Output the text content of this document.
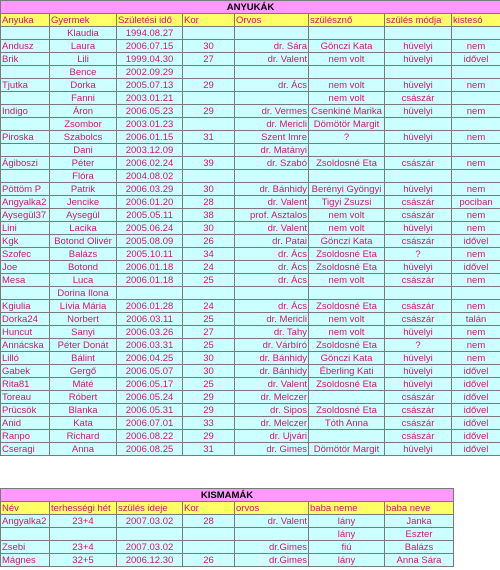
ANYUKÁK							
Anyuka	Gyermek	Születési idő	Kor	Orvos	szülésznő	szülés módja	kistesó
	Klaudia	1994.08.27					
Andusz	Laura	2006.07.15	30	dr. Sára	Gönczi Kata	hüvelyi	nem
Brik	Lili	1999.04.30	27	dr. Valent	nem volt	hüvelyi	idővel
	Bence	2002.09.29					
Tjutka	Dorka	2005.07.13	29	dr. Ács	nem volt	hüvelyi	nem
	Fanni	2003.01.21			nem volt	császár	
Indigo	Áron	2006.05.23	29	dr. Vermes	Csenkiné Marika	hüvelyi	nem
	Zsombor	2003.01.23		dr. Mericli	Dömötör Margit		
Piroska	Szabolcs	2006.01.15	31	Szent Imre	?	hüvelyi	nem
	Dani	2003.12.09		dr. Matányi			
Ágiboszi	Péter	2006.02.24	39	dr. Szabó	Zsoldosné Eta	császár	nem
	Flóra	2004.08.02					
Pöttöm P	Patrik	2006.03.29	30	dr. Bánhidy	Berényi Gyöngyi	hüvelyi	nem
Angyalka2	Jencike	2006.01.20	28	dr. Valent	Tigyi Zsuzsi	császár	pociban
Aysegül37	Aysegül	2005.05.11	38	prof. Asztalos	nem volt	császár	nem
Lini	Lacika	2005.06.24	30	dr. Valent	nem volt	hüvelyi	nem
Kgk	Botond Olivér	2005.08.09	26	dr. Patai	Gönczi Kata	császár	idővel
Szofec	Balázs	2005.10.11	34	dr. Ács	Zsoldosné Eta	?	nem
Joe	Botond	2006.01.18	24	dr. Ács	Zsoldosné Eta	hüvelyi	idővel
Mesa	Luca	2006.01.18	25	dr. Ács	nem volt	császár	nem
	Dorina Ilona						
Kgiulia	Lívia Mária	2006.01.28	24	dr. Ács	Zsoldosné Eta	császár	nem
Dorka24	Norbert	2006.03.11	25	dr. Mericli	nem volt	császár	talán
Huncut	Sanyi	2006.03.26	27	dr. Tahy	nem volt	hüvelyi	nem
Annácska	Péter Donát	2006.03.31	25	dr. Várbíró	Zsoldosné Eta	?	nem
Lilló	Bálint	2006.04.25	30	dr. Bánhidy	Gönczi Kata	hüvelyi	nem
Gabek	Gergő	2006.05.07	30	dr. Bánhidy	Éberling Kati	hüvelyi	idővel
Rita81	Máté	2006.05.17	25	dr. Valent	Zsoldosné Eta	hüvelyi	idővel
Toreau	Róbert	2006.05.24	29	dr. Melczer		császár	idővel
Prücsök	Blanka	2006.05.31	29	dr. Sipos	Zsoldosné Eta	császár	idővel
Anid	Kata	2006.07.01	33	dr. Melczer	Tóth Anna	császár	idővel
Ranpo	Richard	2006.08.22	29	dr. Ujvári		császár	idővel
Cseragi	Anna	2006.08.25	31	dr. Gimes	Dömötör Margit	hüvelyi	idővel
KISMAMÁK						
Név	terhességi hét	szülés ideje	Kor	orvos	baba neme	baba neve
Angyalka2	23+4	2007.03.02	28	dr. Valent	lány	Janka
					lány	Eszter
Zsebi	23+4	2007.03.02		dr.Gimes	fiú	Balázs
Mágnes	32+5	2006.12.30	26	dr.Gimes	lány	Anna Sára
